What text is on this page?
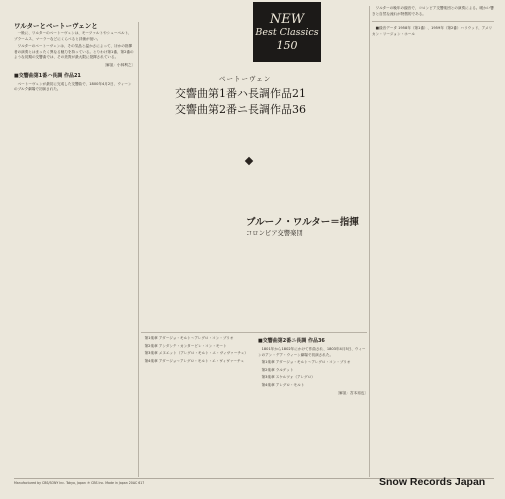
ワルターとベートーヴェンと

一般に、ワルターのベートーヴェンは、モーツァルトやシューベルト、ブラームス、マーラーなどにくらべると評価が低い。

ワルターのベートーヴェンは、その気品と温かさによって、ほかの指揮者の演奏とはまったく異なる魅力を持っている。とりわけ第1番、第2番のような初期の交響曲では、その美質が最大限に発揮されている。

〔解説：小林利之〕
■交響曲第1番ハ長調 作品21

ベートーヴェンが最初に完成した交響曲で、1800年4月2日、ウィーンのブルク劇場で初演された。

NEW
Best Classics
150
ベートーヴェン
交響曲第1番ハ長調作品21
交響曲第2番ニ長調作品36
ブルーノ・ワルター＝指揮
コロンビア交響楽団

第1楽章 アダージョ・モルト〜アレグロ・コン・ブリオ

第2楽章 アンダンテ・カンタービレ・コン・モート

第3楽章 メヌエット（アレグロ・モルト・エ・ヴィヴァーチェ）

第4楽章 アダージョ〜アレグロ・モルト・エ・ヴィヴァーチェ

■交響曲第2番ニ長調 作品36

1801年から1802年にかけて作曲され、1803年4月5日、ウィーンのアン・デア・ウィーン劇場で初演された。

第1楽章 アダージョ・モルト〜アレグロ・コン・ブリオ

第2楽章 ラルゲット

第3楽章 スケルツォ（アレグロ）

第4楽章 アレグロ・モルト

〔解説：宮本裕也〕

ワルターの晩年の録音で、コロンビア交響楽団との演奏による。暖かい響きと自然な流れが特徴的である。

■録音データ 1958年（第1番）、1959年（第2番）ハリウッド、アメリカン・リージョン・ホール

Manufactured by CBS/SONY Inc. Tokyo, Japan ℗ CBS Inc. Made in Japan 20AC 617	Snow Records Japan
